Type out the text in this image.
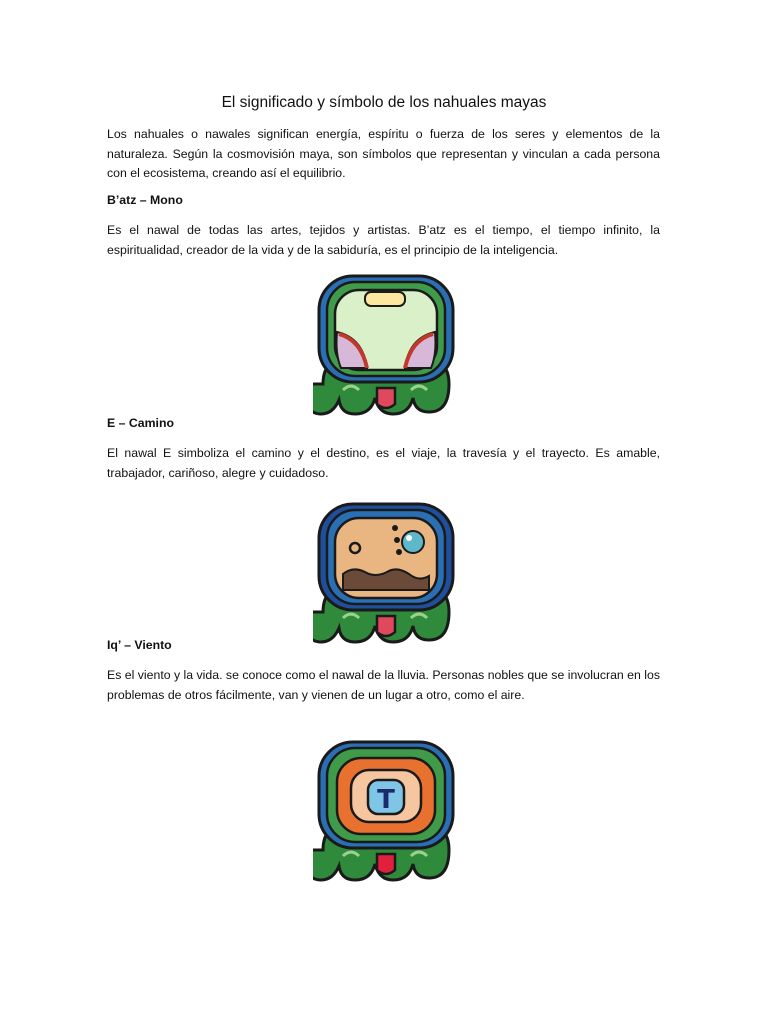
El significado y símbolo de los nahuales mayas

Los nahuales o nawales significan energía, espíritu o fuerza de los seres y elementos de la naturaleza. Según la cosmovisión maya, son símbolos que representan y vinculan a cada persona con el ecosistema, creando así el equilibrio.

B’atz – Mono

Es el nawal de todas las artes, tejidos y artistas. B’atz es el tiempo, el tiempo infinito, la espiritualidad, creador de la vida y de la sabiduría, es el principio de la inteligencia.

E – Camino

El nawal E simboliza el camino y el destino, es el viaje, la travesía y el trayecto. Es amable, trabajador, cariñoso, alegre y cuidadoso.

Iq’ – Viento

Es el viento y la vida. se conoce como el nawal de la lluvia. Personas nobles que se involucran en los problemas de otros fácilmente, van y vienen de un lugar a otro, como el aire.

T
